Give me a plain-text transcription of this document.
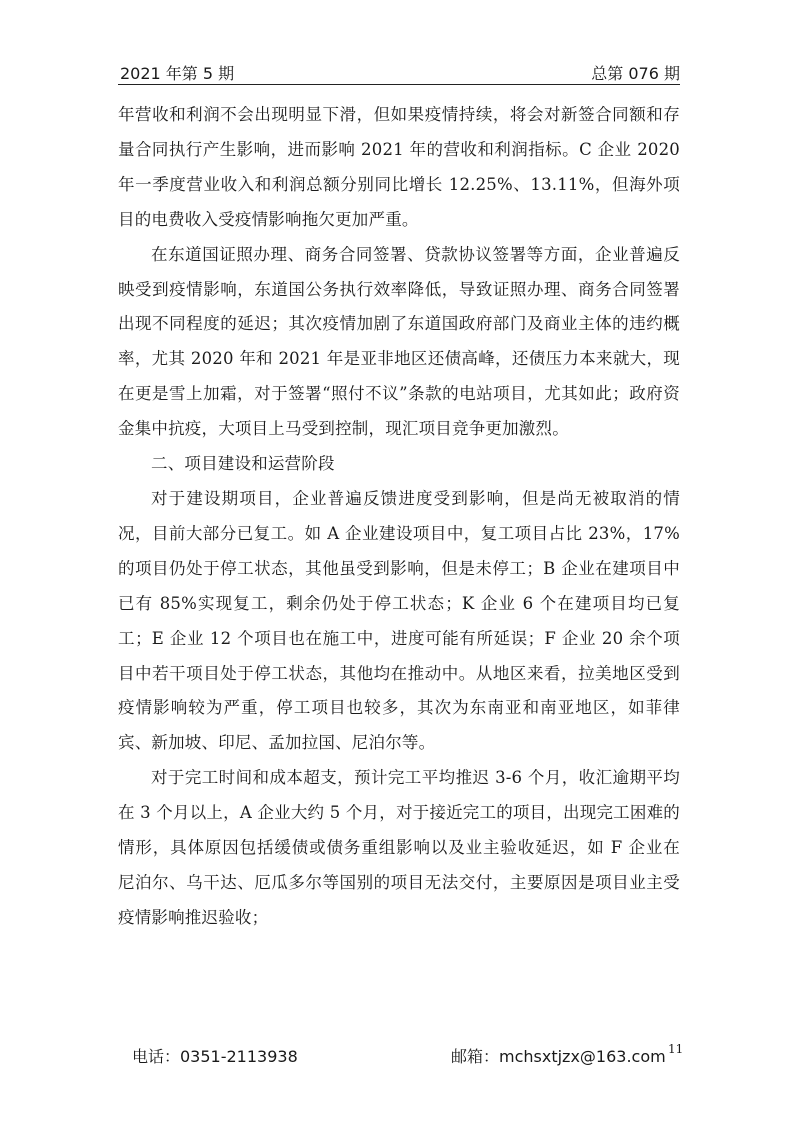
2021 年第 5 期	总第 076 期

年营收和利润不会出现明显下滑，但如果疫情持续，将会对新签合同额和存量合同执行产生影响，进而影响 2021 年的营收和利润指标。C 企业 2020 年一季度营业收入和利润总额分别同比增长 12.25%、13.11%，但海外项目的电费收入受疫情影响拖欠更加严重。

在东道国证照办理、商务合同签署、贷款协议签署等方面，企业普遍反映受到疫情影响，东道国公务执行效率降低，导致证照办理、商务合同签署出现不同程度的延迟；其次疫情加剧了东道国政府部门及商业主体的违约概率，尤其 2020 年和 2021 年是亚非地区还债高峰，还债压力本来就大，现在更是雪上加霜，对于签署“照付不议”条款的电站项目，尤其如此；政府资金集中抗疫，大项目上马受到控制，现汇项目竞争更加激烈。

二、项目建设和运营阶段

对于建设期项目，企业普遍反馈进度受到影响，但是尚无被取消的情况，目前大部分已复工。如 A 企业建设项目中，复工项目占比 23%，17%的项目仍处于停工状态，其他虽受到影响，但是未停工；B 企业在建项目中已有 85%实现复工，剩余仍处于停工状态；K 企业 6 个在建项目均已复工；E 企业 12 个项目也在施工中，进度可能有所延误；F 企业 20 余个项目中若干项目处于停工状态，其他均在推动中。从地区来看，拉美地区受到疫情影响较为严重，停工项目也较多，其次为东南亚和南亚地区，如菲律宾、新加坡、印尼、孟加拉国、尼泊尔等。

对于完工时间和成本超支，预计完工平均推迟 3-6 个月，收汇逾期平均在 3 个月以上，A 企业大约 5 个月，对于接近完工的项目，出现完工困难的情形，具体原因包括缓债或债务重组影响以及业主验收延迟，如 F 企业在 尼泊尔、乌干达、厄瓜多尔等国别的项目无法交付，主要原因是项目业主受疫情影响推迟验收；

电话：0351-2113938	邮箱：mchsxtjzx@163.com 11
